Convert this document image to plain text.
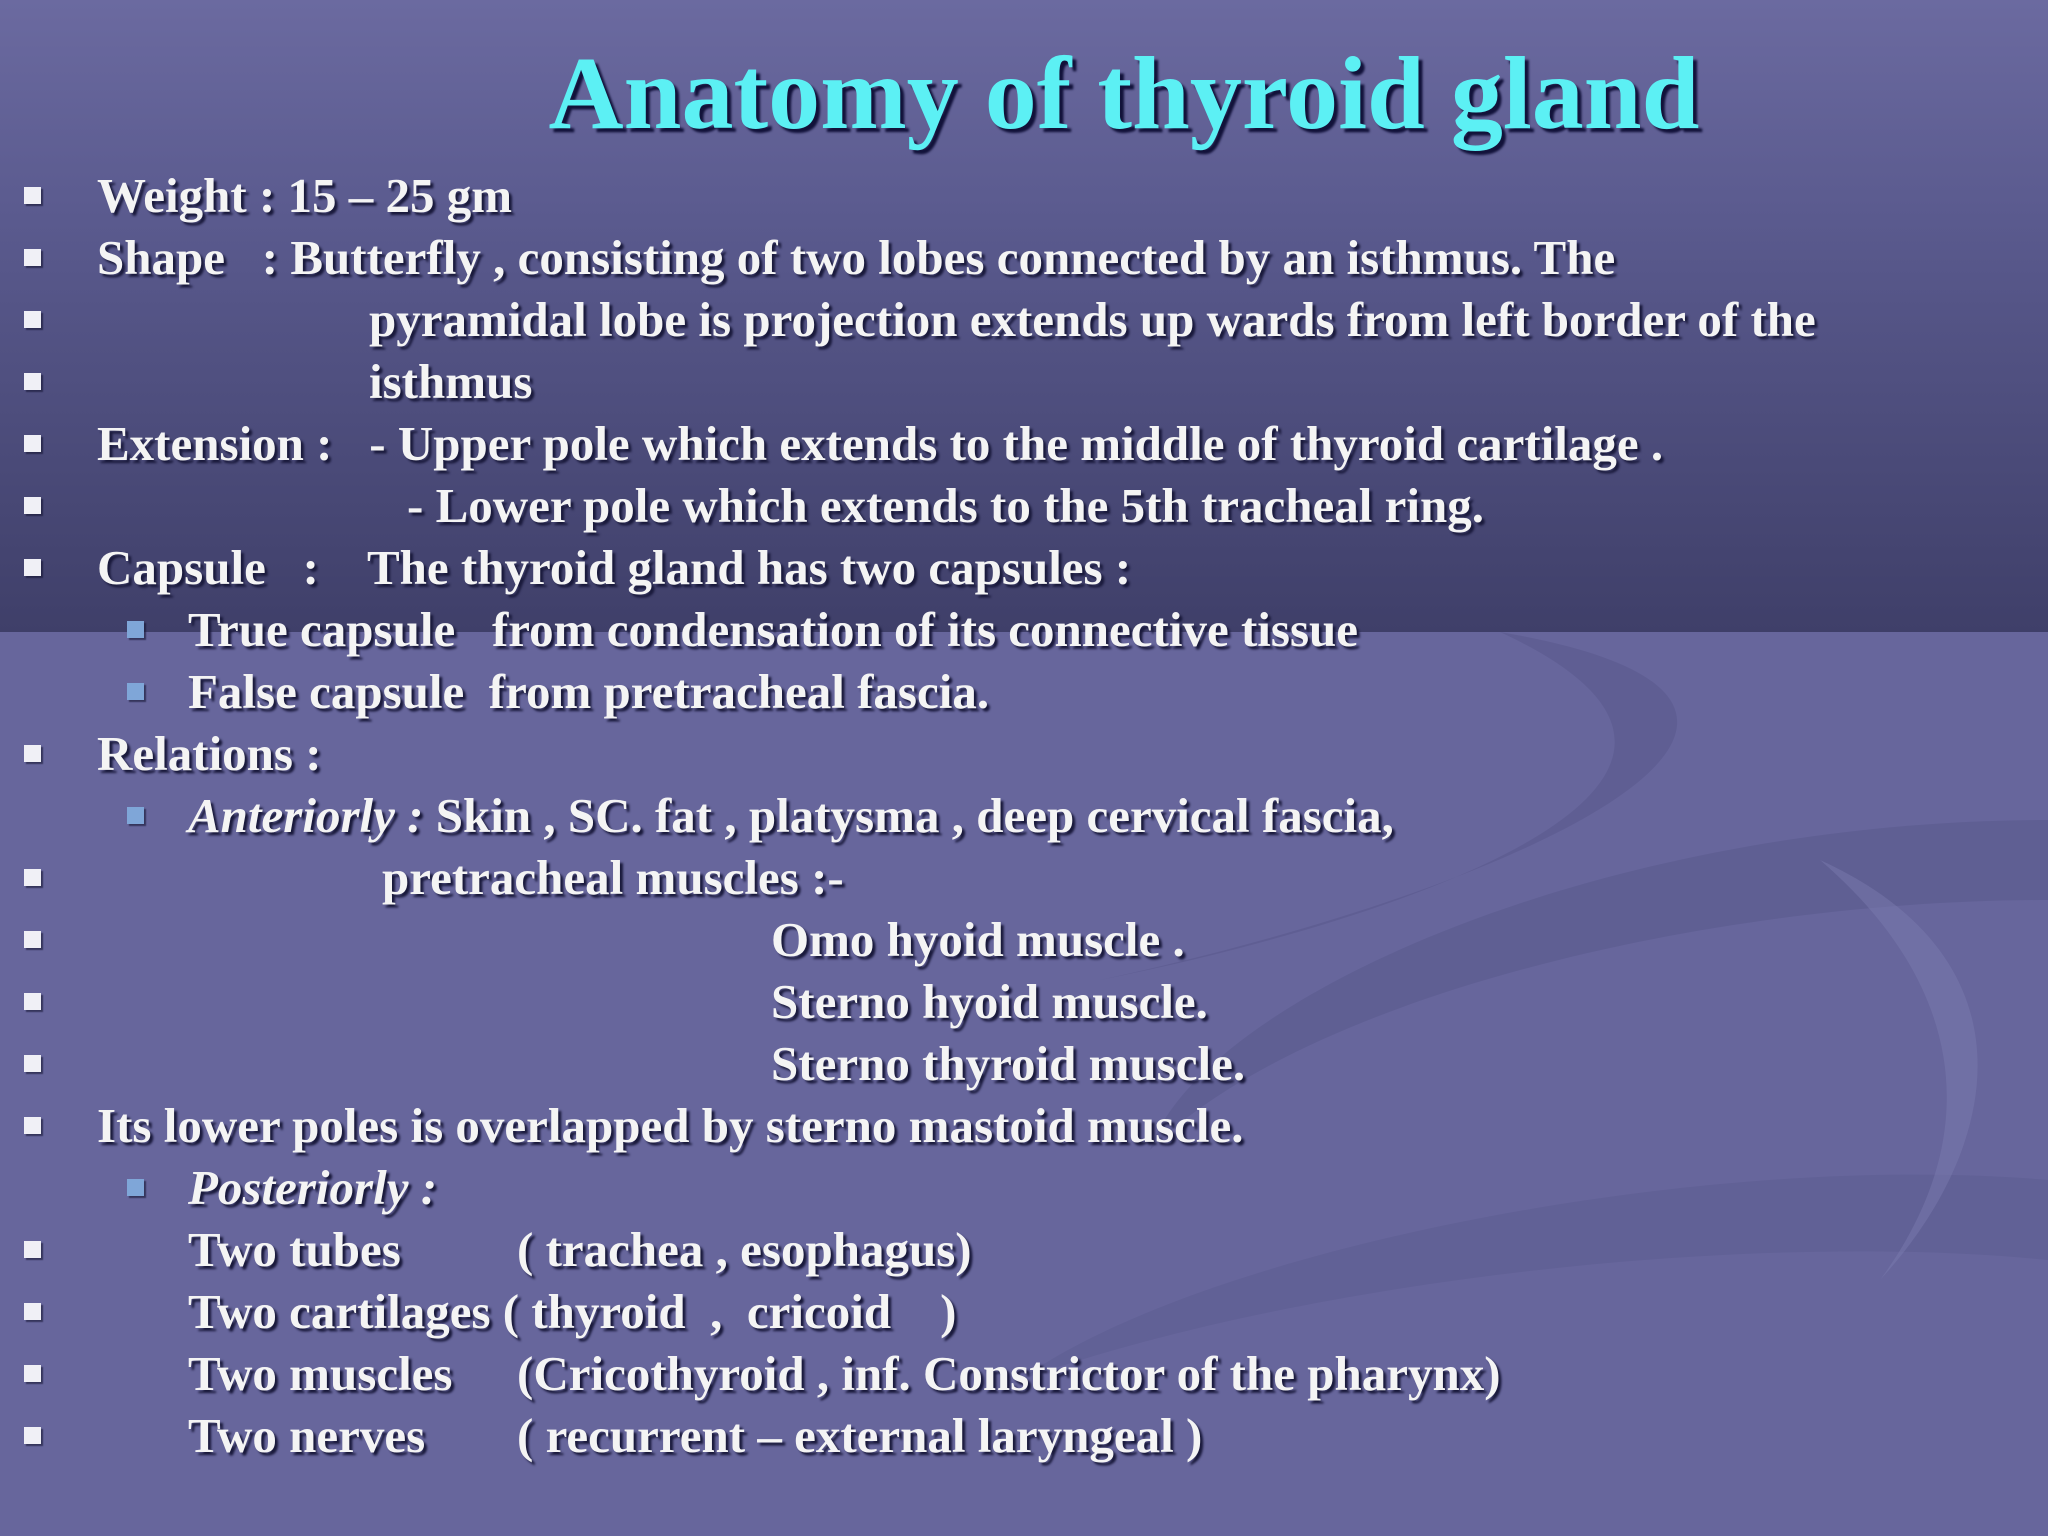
Anatomy of thyroid gland
Weight : 15 – 25 gm
Shape   : Butterfly , consisting of two lobes connected by an isthmus. The
pyramidal lobe is projection extends up wards from left border of the
isthmus
Extension :   - Upper pole which extends to the middle of thyroid cartilage .
- Lower pole which extends to the 5th tracheal ring.
Capsule   :    The thyroid gland has two capsules :
True capsule   from condensation of its connective tissue
False capsule  from pretracheal fascia.
Relations :
Anteriorly : Skin , SC. fat , platysma , deep cervical fascia,
pretracheal muscles :-
Omo hyoid muscle .
Sterno hyoid muscle.
Sterno thyroid muscle.
Its lower poles is overlapped by sterno mastoid muscle.
Posteriorly :
Two tubes ( trachea , esophagus)
Two cartilages ( thyroid  ,  cricoid    )
Two muscles (Cricothyroid , inf. Constrictor of the pharynx)
Two nerves ( recurrent – external laryngeal )
